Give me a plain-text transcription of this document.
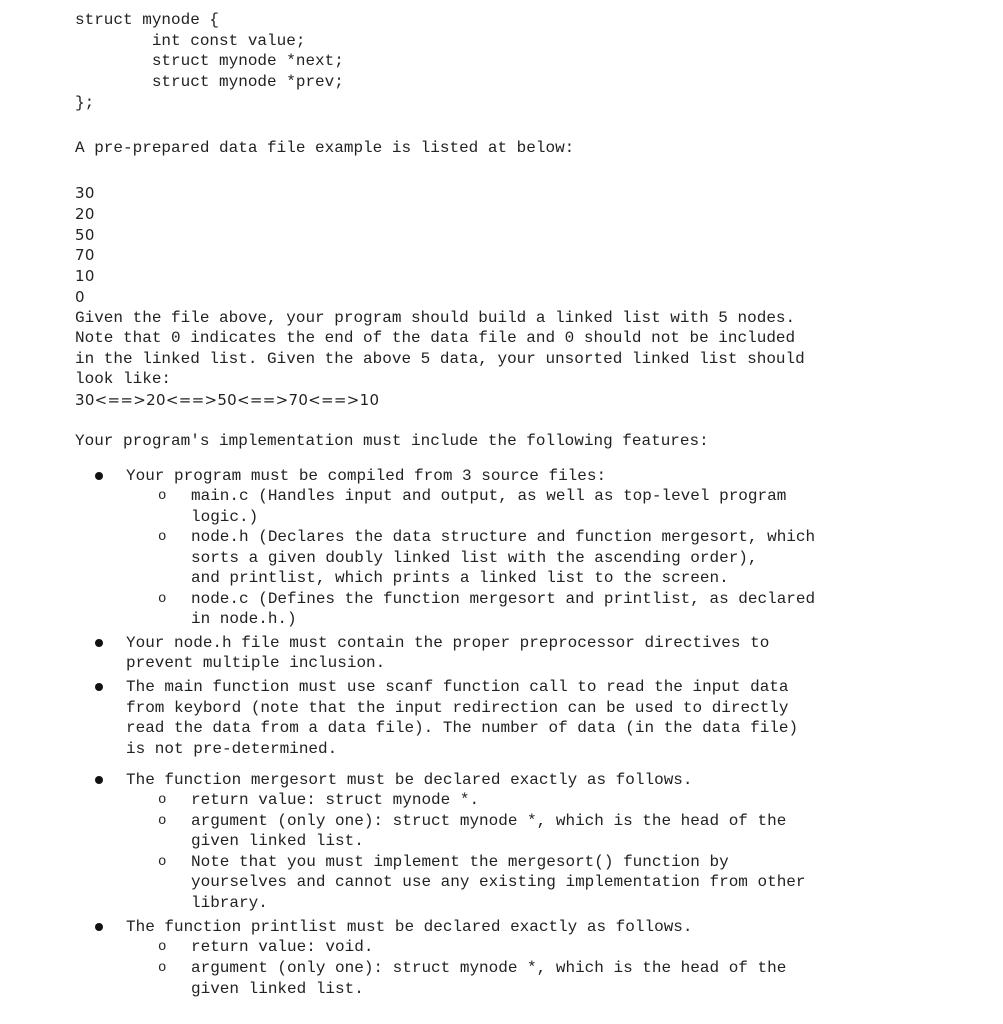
struct mynode {
int const value;
struct mynode *next;
struct mynode *prev;
};
A pre-prepared data file example is listed at below:
30
20
50
70
10
0
Given the file above, your program should build a linked list with 5 nodes.
Note that 0 indicates the end of the data file and 0 should not be included
in the linked list. Given the above 5 data, your unsorted linked list should
look like:
30<==>20<==>50<==>70<==>10
Your program's implementation must include the following features:
Your program must be compiled from 3 source files:
o main.c (Handles input and output, as well as top-level program
logic.)
o node.h (Declares the data structure and function mergesort, which
sorts a given doubly linked list with the ascending order),
and printlist, which prints a linked list to the screen.
o node.c (Defines the function mergesort and printlist, as declared
in node.h.)
Your node.h file must contain the proper preprocessor directives to
prevent multiple inclusion.
The main function must use scanf function call to read the input data
from keybord (note that the input redirection can be used to directly
read the data from a data file). The number of data (in the data file)
is not pre-determined.
The function mergesort must be declared exactly as follows.
o return value: struct mynode *.
o argument (only one): struct mynode *, which is the head of the
given linked list.
o Note that you must implement the mergesort() function by
yourselves and cannot use any existing implementation from other
library.
The function printlist must be declared exactly as follows.
o return value: void.
o argument (only one): struct mynode *, which is the head of the
given linked list.
